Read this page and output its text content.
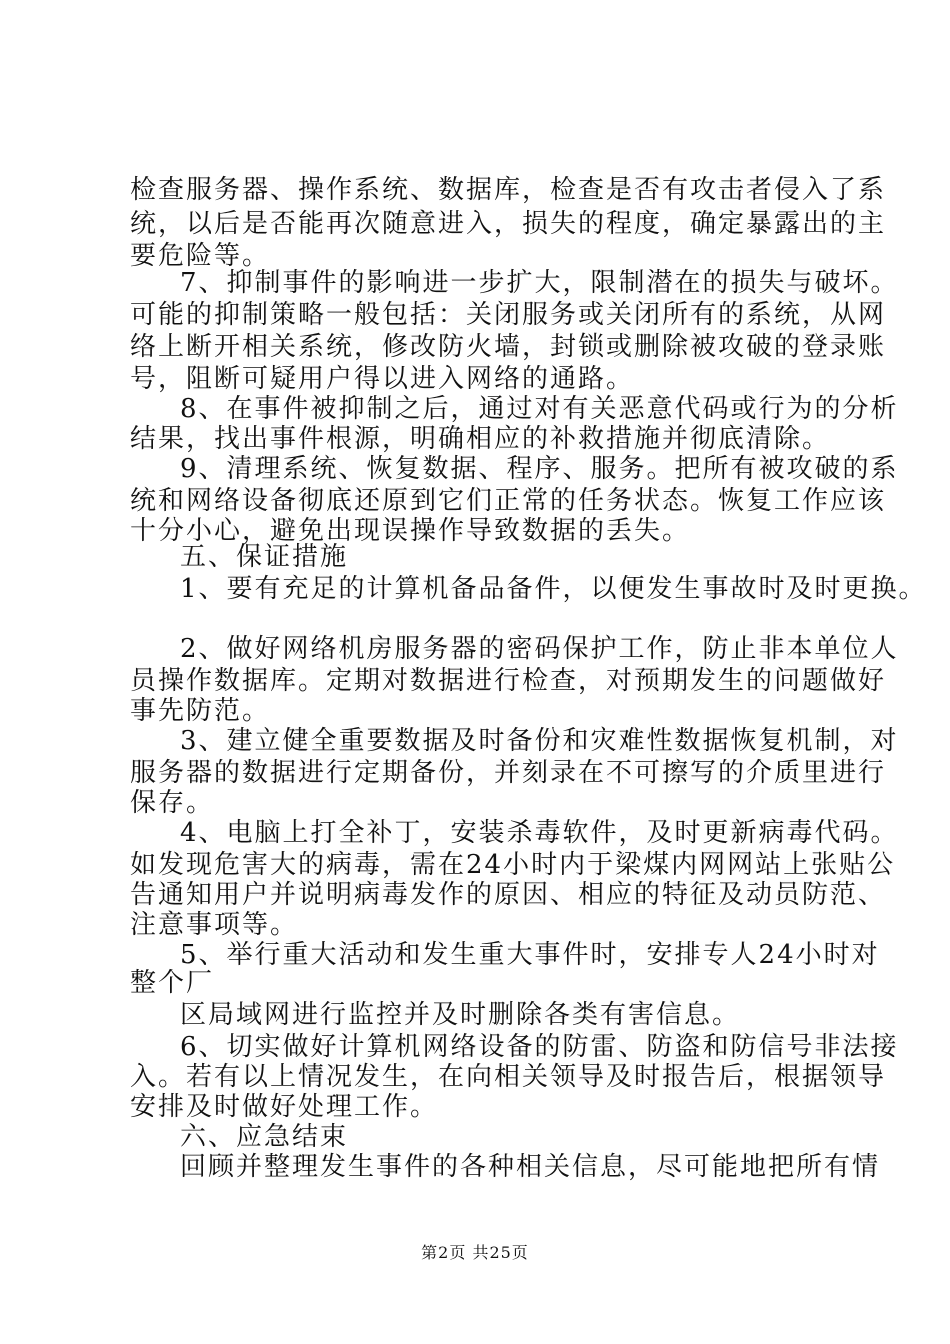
检查服务器、操作系统、数据库，检查是否有攻击者侵入了系
统，以后是否能再次随意进入，损失的程度，确定暴露出的主
要危险等。
7、抑制事件的影响进一步扩大，限制潜在的损失与破坏。
可能的抑制策略一般包括：关闭服务或关闭所有的系统，从网
络上断开相关系统，修改防火墙，封锁或删除被攻破的登录账
号，阻断可疑用户得以进入网络的通路。
8、在事件被抑制之后，通过对有关恶意代码或行为的分析
结果，找出事件根源，明确相应的补救措施并彻底清除。
9、清理系统、恢复数据、程序、服务。把所有被攻破的系
统和网络设备彻底还原到它们正常的任务状态。恢复工作应该
十分小心，避免出现误操作导致数据的丢失。
五、保证措施
1、要有充足的计算机备品备件，以便发生事故时及时更换。
2、做好网络机房服务器的密码保护工作，防止非本单位人
员操作数据库。定期对数据进行检查，对预期发生的问题做好
事先防范。
3、建立健全重要数据及时备份和灾难性数据恢复机制，对
服务器的数据进行定期备份，并刻录在不可擦写的介质里进行
保存。
4、电脑上打全补丁，安装杀毒软件，及时更新病毒代码。
如发现危害大的病毒，需在24小时内于梁煤内网网站上张贴公
告通知用户并说明病毒发作的原因、相应的特征及动员防范、
注意事项等。
5、举行重大活动和发生重大事件时，安排专人24小时对
整个厂
区局域网进行监控并及时删除各类有害信息。
6、切实做好计算机网络设备的防雷、防盗和防信号非法接
入。若有以上情况发生，在向相关领导及时报告后，根据领导
安排及时做好处理工作。
六、应急结束
回顾并整理发生事件的各种相关信息，尽可能地把所有情
第2页 共25页
